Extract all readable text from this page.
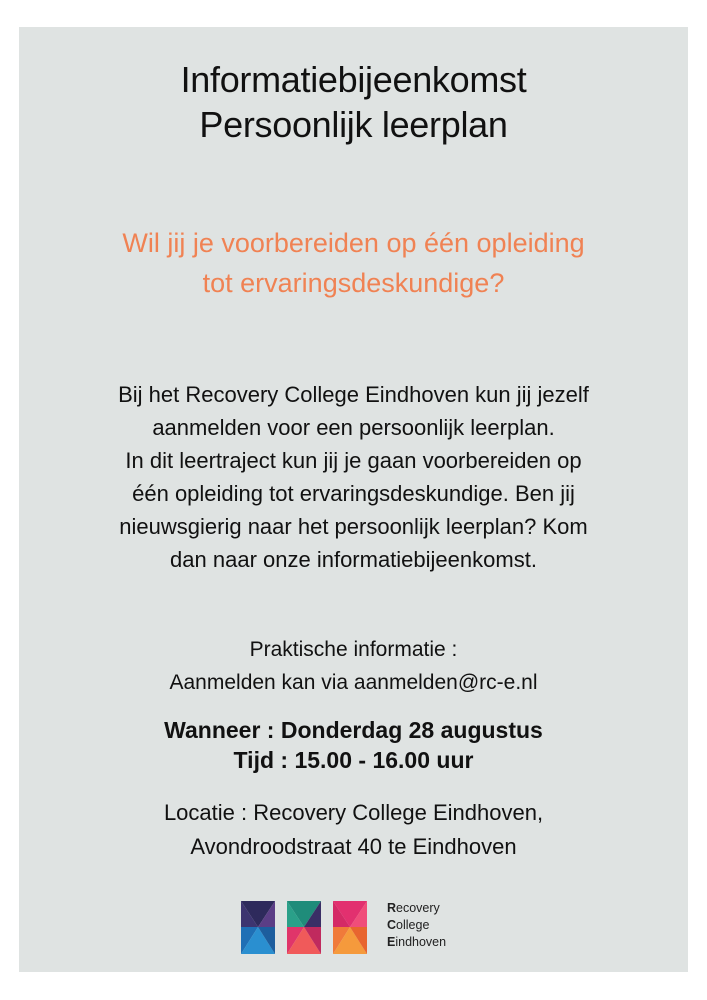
Informatiebijeenkomst
Persoonlijk leerplan
Wil jij je voorbereiden op één opleiding
tot ervaringsdeskundige?
Bij het Recovery College Eindhoven kun jij jezelf
aanmelden voor een persoonlijk leerplan.
In dit leertraject kun jij je gaan voorbereiden op
één opleiding tot ervaringsdeskundige. Ben jij
nieuwsgierig naar het persoonlijk leerplan? Kom
dan naar onze informatiebijeenkomst.
Praktische informatie :
Aanmelden kan via aanmelden@rc-e.nl
Wanneer : Donderdag 28 augustus
Tijd : 15.00 - 16.00 uur
Locatie : Recovery College Eindhoven,
Avondroodstraat 40 te Eindhoven
Recovery
College
Eindhoven
